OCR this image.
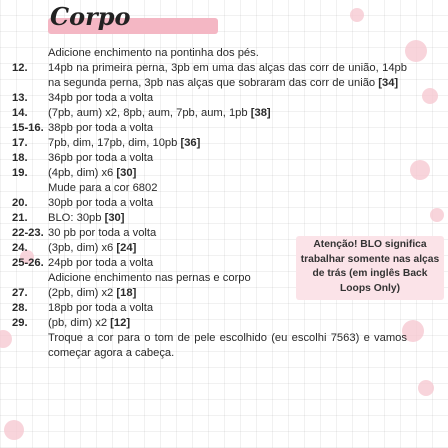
Corpo
Adicione enchimento na pontinha dos pés.
12. 14pb na primeira perna, 3pb em uma das alças das corr de união, 14pb na segunda perna, 3pb nas alças que sobraram das corr de união [34]
13. 34pb por toda a volta
14. (7pb, aum) x2, 8pb, aum, 7pb, aum, 1pb [38]
15-16. 38pb por toda a volta
17. 7pb, dim, 17pb, dim, 10pb [36]
18. 36pb por toda a volta
19. (4pb, dim) x6 [30]
Mude para a cor 6802
20. 30pb por toda a volta
21. BLO: 30pb [30]
22-23. 30 pb por toda a volta
24. (3pb, dim) x6 [24]
25-26. 24pb por toda a volta
Adicione enchimento nas pernas e corpo
27. (2pb, dim) x2 [18]
28. 18pb por toda a volta
29. (pb, dim) x2 [12]
Troque a cor para o tom de pele escolhido (eu escolhi 7563) e vamos começar agora a cabeça.
Atenção! BLO significa trabalhar somente nas alças de trás (em inglês Back Loops Only)
